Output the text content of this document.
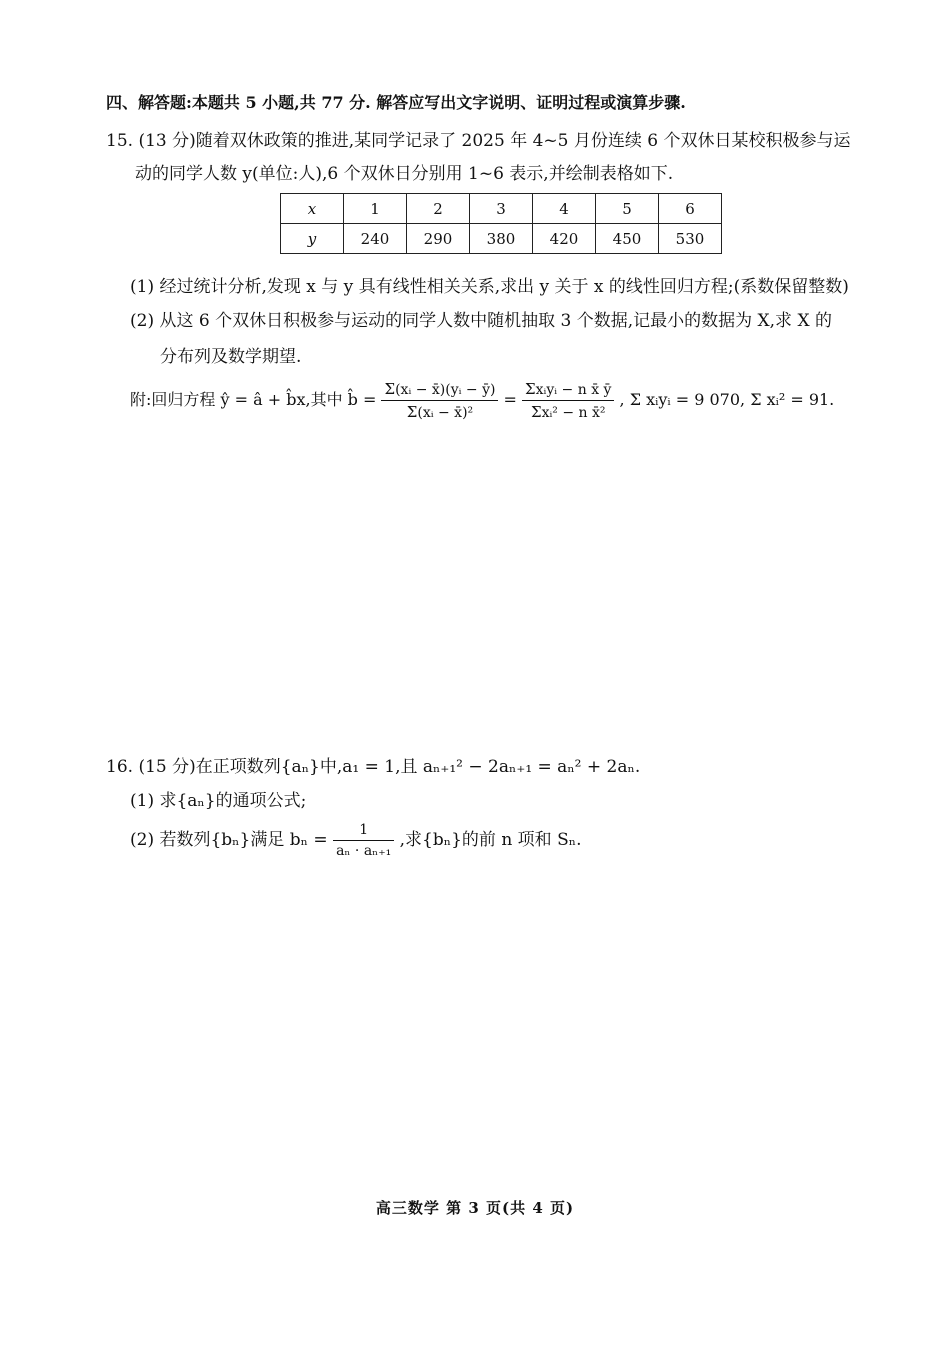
四、解答题:本题共 5 小题,共 77 分. 解答应写出文字说明、证明过程或演算步骤.
15. (13 分)随着双休政策的推进,某同学记录了 2025 年 4~5 月份连续 6 个双休日某校积极参与运
动的同学人数 y(单位:人),6 个双休日分别用 1~6 表示,并绘制表格如下.
x	1	2	3	4	5	6
y	240	290	380	420	450	530
(1) 经过统计分析,发现 x 与 y 具有线性相关关系,求出 y 关于 x 的线性回归方程;(系数保留整数)
(2) 从这 6 个双休日积极参与运动的同学人数中随机抽取 3 个数据,记最小的数据为 X,求 X 的
分布列及数学期望.
附:回归方程 ŷ = â + b̂x,其中 b̂ = $\frac{\text{Σ(xᵢ − x̄)(yᵢ − ȳ)}}{\text{Σ(xᵢ − x̄)²}} = \frac{\text{Σxᵢyᵢ − n x̄ ȳ}}{\text{Σxᵢ² − n x̄²}}$ , Σ xᵢyᵢ = 9 070, Σ xᵢ² = 91.
16. (15 分)在正项数列{aₙ}中,a₁ = 1,且 aₙ₊₁² − 2aₙ₊₁ = aₙ² + 2aₙ.
(1) 求{aₙ}的通项公式;
(2) 若数列{bₙ}满足 $b_n = \frac{1}{\text{aₙ · aₙ₊₁}}$ ,求{bₙ}的前 n 项和 Sₙ.
高三数学 第 3 页(共 4 页)
